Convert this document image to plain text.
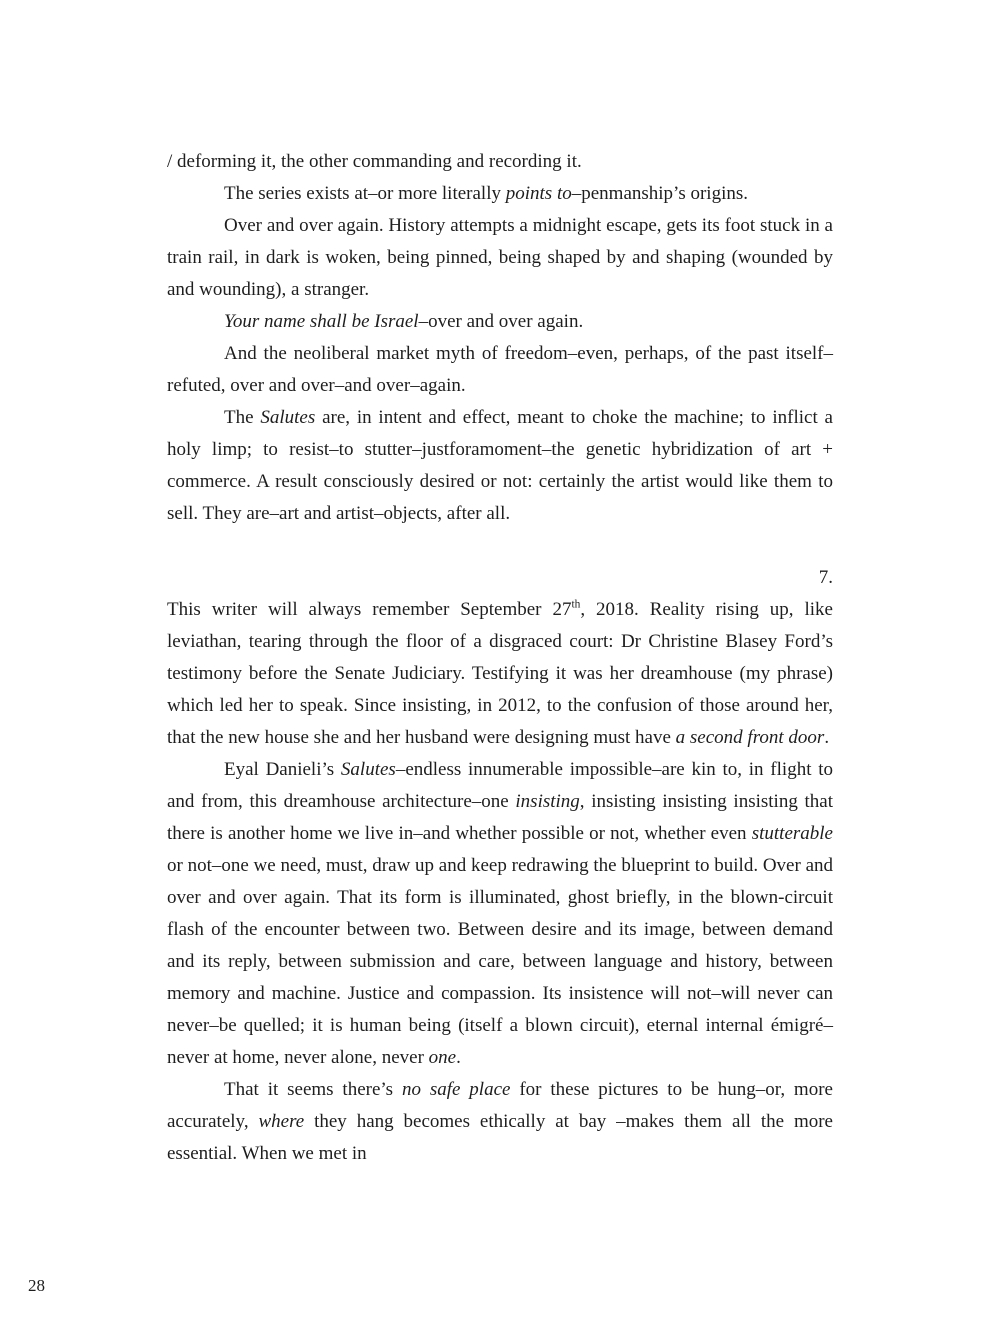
/ deforming it, the other commanding and recording it.

The series exists at–or more literally points to–penmanship’s origins.

Over and over again. History attempts a midnight escape, gets its foot stuck in a train rail, in dark is woken, being pinned, being shaped by and shaping (wounded by and wounding), a stranger.

Your name shall be Israel–over and over again.

And the neoliberal market myth of freedom–even, perhaps, of the past itself–refuted, over and over–and over–again.

The Salutes are, in intent and effect, meant to choke the machine; to inflict a holy limp; to resist–to stutter–justforamoment–the genetic hybridization of art + commerce. A result consciously desired or not: certainly the artist would like them to sell. They are–art and artist–objects, after all.

7.

This writer will always remember September 27th, 2018. Reality rising up, like leviathan, tearing through the floor of a disgraced court: Dr Christine Blasey Ford’s testimony before the Senate Judiciary. Testifying it was her dreamhouse (my phrase) which led her to speak. Since insisting, in 2012, to the confusion of those around her, that the new house she and her husband were designing must have a second front door.

Eyal Danieli’s Salutes–endless innumerable impossible–are kin to, in flight to and from, this dreamhouse architecture–one insisting, insisting insisting insisting that there is another home we live in–and whether possible or not, whether even stutterable or not–one we need, must, draw up and keep redrawing the blueprint to build. Over and over and over again. That its form is illuminated, ghost briefly, in the blown-circuit flash of the encounter between two. Between desire and its image, between demand and its reply, between submission and care, between language and history, between memory and machine. Justice and compassion. Its insistence will not–will never can never–be quelled; it is human being (itself a blown circuit), eternal internal émigré–never at home, never alone, never one.

That it seems there’s no safe place for these pictures to be hung–or, more accurately, where they hang becomes ethically at bay –makes them all the more essential. When we met in

28
